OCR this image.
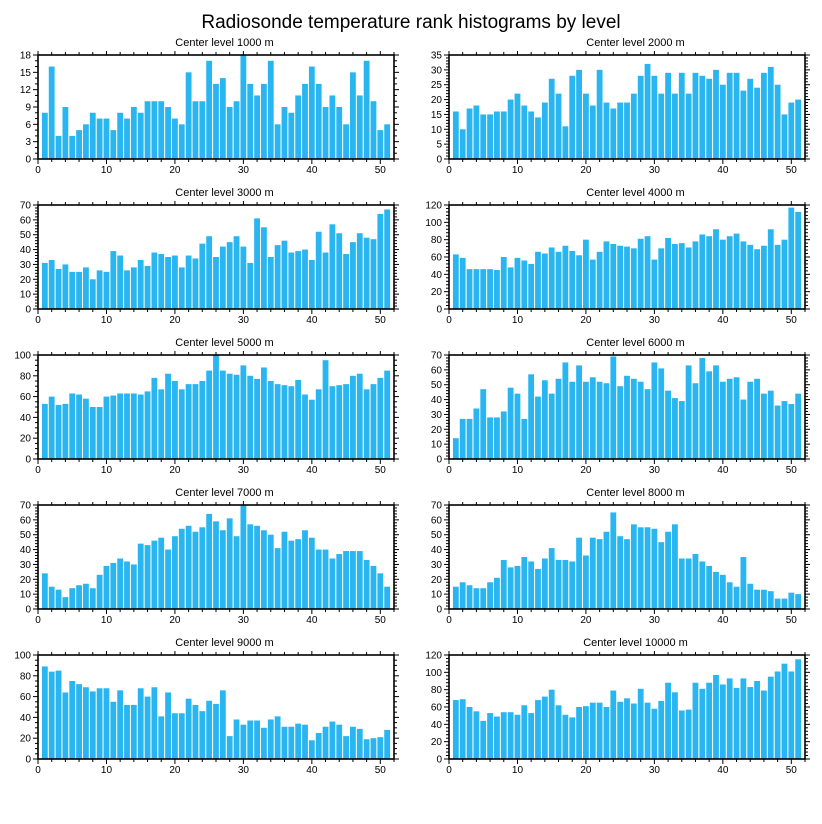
Radiosonde temperature rank histograms by level
Center level 1000 m
0	10	20	30	40	50
0
3
6
9
12
15
18
Center level 2000 m
0	10	20	30	40	50
0
5
10
15
20
25
30
35
Center level 3000 m
0	10	20	30	40	50
0
10
20
30
40
50
60
70
Center level 4000 m
0	10	20	30	40	50
0
20
40
60
80
100
120
Center level 5000 m
0	10	20	30	40	50
0
20
40
60
80
100
Center level 6000 m
0	10	20	30	40	50
0
10
20
30
40
50
60
70
Center level 7000 m
0	10	20	30	40	50
0
10
20
30
40
50
60
70
Center level 8000 m
0	10	20	30	40	50
0
10
20
30
40
50
60
70
Center level 9000 m
0	10	20	30	40	50
0
20
40
60
80
100
Center level 10000 m
0	10	20	30	40	50
0
20
40
60
80
100
120
